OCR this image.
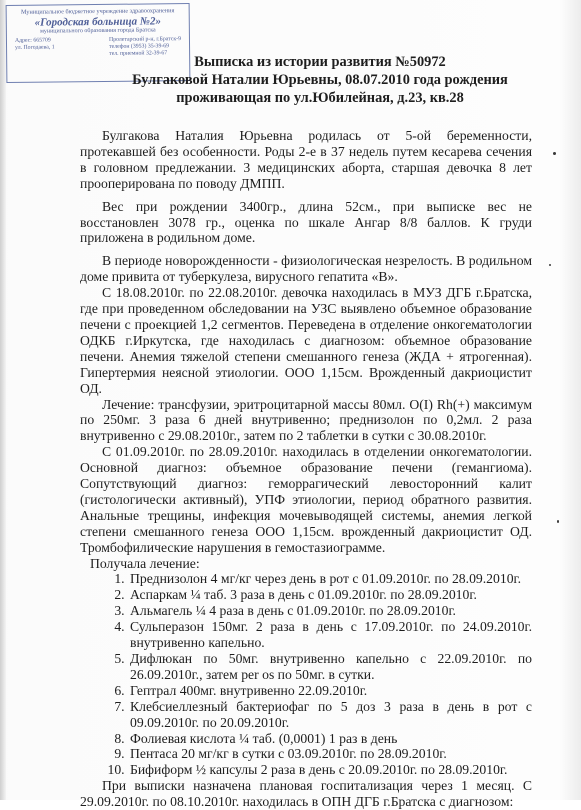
Муниципальное бюджетное учреждение здравоохранения
«Городская больница №2»
муниципального образования города Братска
Адрес: 665709
ул. Погодаева, 1
Пролетарский р-н, г.Братск-9
телефон (3953) 35-39-69
тел. приемной 32-39-67
Выписка из истории развития №50972
Булгаковой Наталии Юрьевны, 08.07.2010 года рождения
проживающая по ул.Юбилейная, д.23, кв.28

Булгакова Наталия Юрьевна родилась от 5-ой беременности, протекавшей без особенности. Роды 2-е в 37 недель путем кесарева сечения в головном предлежании. 3 медицинских аборта, старшая девочка 8 лет прооперирована по поводу ДМПП.

Вес при рождении 3400гр., длина 52см., при выписке вес не восстановлен 3078 гр., оценка по шкале Ангар 8/8 баллов. К груди приложена в родильном доме.

В периоде новорожденности - физиологическая незрелость. В родильном доме привита от туберкулеза, вирусного гепатита «В».

С 18.08.2010г. по 22.08.2010г. девочка находилась в МУЗ ДГБ г.Братска, где при проведенном обследовании на УЗС выявлено объемное образование печени с проекцией 1,2 сегментов. Переведена в отделение онкогематологии ОДКБ г.Иркутска, где находилась с диагнозом: объемное образование печени. Анемия тяжелой степени смешанного генеза (ЖДА + ятрогенная). Гипертермия неясной этиологии. ООО 1,15см. Врожденный дакриоцистит ОД.

Лечение: трансфузии, эритроцитарной массы 80мл. О(I) Rh(+) максимум по 250мг. 3 раза 6 дней внутривенно; преднизолон по 0,2мл. 2 раза внутривенно с 29.08.2010г., затем по 2 таблетки в сутки с 30.08.2010г.

С 01.09.2010г. по 28.09.2010г. находилась в отделении онкогематологии. Основной диагноз: объемное образование печени (гемангиома). Сопутствующий диагноз: геморрагический левосторонний калит (гистологически активный), УПФ этиологии, период обратного развития. Анальные трещины, инфекция мочевыводящей системы, анемия легкой степени смешанного генеза ООО 1,15см. врожденный дакриоцистит ОД. Тромбофилические нарушения в гемостазиограмме.

Получала лечение:

1. Преднизолон 4 мг/кг через день в рот с 01.09.2010г. по 28.09.2010г.
2. Аспаркам ¼ таб. 3 раза в день с 01.09.2010г. по 28.09.2010г.
3. Альмагель ¼ 4 раза в день с 01.09.2010г. по 28.09.2010г.
4. Сульперазон 150мг. 2 раза в день с 17.09.2010г. по 24.09.2010г. внутривенно капельно.
5. Дифлюкан по 50мг. внутривенно капельно с 22.09.2010г. по 26.09.2010г., затем per os по 50мг. в сутки.
6. Гептрал 400мг. внутривенно 22.09.2010г.
7. Клебсиеллезный бактериофаг по 5 доз 3 раза в день в рот с 09.09.2010г. по 20.09.2010г.
8. Фолиевая кислота ¼ таб. (0,0001) 1 раз в день
9. Пентаса 20 мг/кг в сутки с 03.09.2010г. по 28.09.2010г.
10. Бифиформ ½ капсулы 2 раза в день с 20.09.2010г. по 28.09.2010г.

При выписки назначена плановая госпитализация через 1 месяц. С 29.09.2010г. по 08.10.2010г. находилась в ОПН ДГБ г.Братска с диагнозом:
